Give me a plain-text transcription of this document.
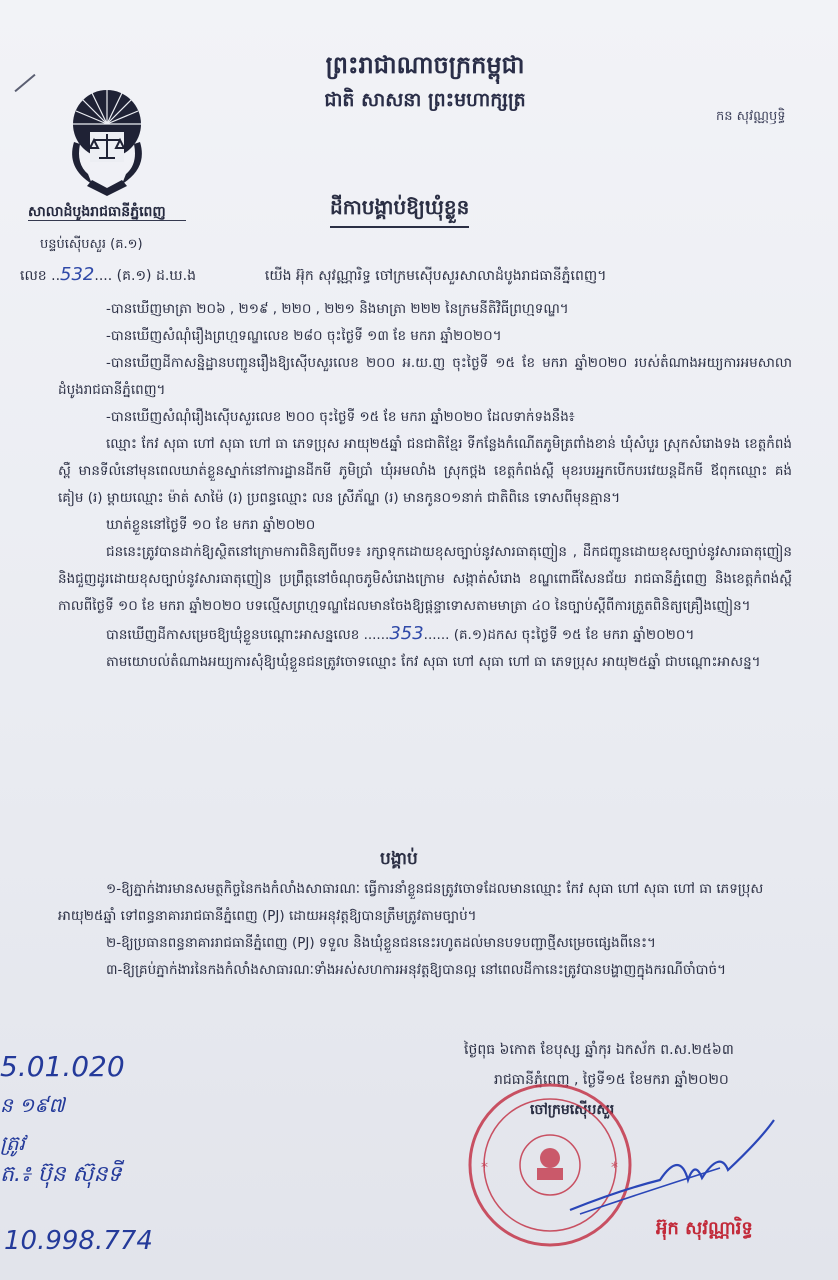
ព្រះរាជាណាចក្រកម្ពុជា
ជាតិ សាសនា ព្រះមហាក្សត្រ
កន សុវណ្ណឫទ្ធិ
សាលាដំបូងរាជធានីភ្នំពេញ
បន្ទប់ស៊ើបសួរ (គ.១)
ដីកាបង្គាប់ឱ្យឃុំខ្លួន
លេខ ..532.... (គ.១) ដ.ឃ.ង	យើង អ៊ុក សុវណ្ណារិទ្ធ ចៅក្រមស៊ើបសួរសាលាដំបូងរាជធានីភ្នំពេញ។

-បានឃើញមាត្រា ២០៦ , ២១៩ , ២២០ , ២២១ និងមាត្រា ២២២ នៃក្រមនីតិវិធីព្រហ្មទណ្ឌ។

-បានឃើញសំណុំរឿងព្រហ្មទណ្ឌលេខ ២៨០ ចុះថ្ងៃទី ១៣ ខែ មករា ឆ្នាំ២០២០។

-បានឃើញដីកាសន្និដ្ឋានបញ្ជូនរឿងឱ្យស៊ើបសួរលេខ ២០០ អ.យ.ញ ចុះថ្ងៃទី ១៥ ខែ មករា ឆ្នាំ២០២០ របស់តំណាងអយ្យការអមសាលាដំបូងរាជធានីភ្នំពេញ។

-បានឃើញសំណុំរឿងស៊ើបសួរលេខ ២០០ ចុះថ្ងៃទី ១៥ ខែ មករា ឆ្នាំ២០២០ ដែលទាក់ទងនឹង៖

ឈ្មោះ កែវ សុធា ហៅ សុធា ហៅ ធា ភេទប្រុស អាយុ២៥ឆ្នាំ ជនជាតិខ្មែរ ទីកន្លែងកំណើតភូមិត្រពាំងខាន់ ឃុំសំបួរ ស្រុកសំរោងទង ខេត្តកំពង់ស្ពឺ មានទីលំនៅមុនពេលឃាត់ខ្លួនស្នាក់នៅការដ្ឋានដីកមី ភូមិប្រាំ ឃុំអមលាំង ស្រុកថ្ពង ខេត្តកំពង់ស្ពឺ មុខរបរអ្នកបើកបរវេយន្តដីកមី ឪពុកឈ្មោះ គង់ គៀម (រ) ម្តាយឈ្មោះ ម៉ាត់ សាម៉ៃ (រ) ប្រពន្ធឈ្មោះ លន ស្រីភ័ណ្ឌ (រ) មានកូន០១នាក់ ជាតិពិនេ ទោសពីមុនគ្មាន។

ឃាត់ខ្លួននៅថ្ងៃទី ១០ ខែ មករា ឆ្នាំ២០២០

ជននេះត្រូវបានដាក់ឱ្យស្ថិតនៅក្រោមការពិនិត្យពីបទ៖ រក្សាទុកដោយខុសច្បាប់នូវសារធាតុញៀន , ដឹកជញ្ជូនដោយខុសច្បាប់នូវសារធាតុញៀន និងជួញដូរដោយខុសច្បាប់នូវសារធាតុញៀន ប្រព្រឹត្តនៅចំណុចភូមិសំរោងក្រោម សង្កាត់សំរោង ខណ្ឌពោធិ៍សែនជ័យ រាជធានីភ្នំពេញ និងខេត្តកំពង់ស្ពឺ កាលពីថ្ងៃទី ១០ ខែ មករា ឆ្នាំ២០២០ បទល្មើសព្រហ្មទណ្ឌដែលមានចែងឱ្យផ្តន្ទាទោសតាមមាត្រា ៤០ នៃច្បាប់ស្តីពីការត្រួតពិនិត្យគ្រឿងញៀន។

បានឃើញដីកាសម្រេចឱ្យឃុំខ្លួនបណ្តោះអាសន្នលេខ ......353...... (គ.១)ដកស ចុះថ្ងៃទី ១៥ ខែ មករា ឆ្នាំ២០២០។

តាមយោបល់តំណាងអយ្យការសុំឱ្យឃុំខ្លួនជនត្រូវចោទឈ្មោះ កែវ សុធា ហៅ សុធា ហៅ ធា ភេទប្រុស អាយុ២៥ឆ្នាំ ជាបណ្តោះអាសន្ន។

បង្គាប់

១-ឱ្យភ្នាក់ងារមានសមត្ថកិច្ចនៃកងកំលាំងសាធារណៈ ធ្វើការនាំខ្លួនជនត្រូវចោទដែលមានឈ្មោះ កែវ សុធា ហៅ សុធា ហៅ ធា ភេទប្រុស អាយុ២៥ឆ្នាំ ទៅពន្ធនាគាររាជធានីភ្នំពេញ (PJ) ដោយអនុវត្តឱ្យបានត្រឹមត្រូវតាមច្បាប់។

២-ឱ្យប្រធានពន្ធនាគាររាជធានីភ្នំពេញ (PJ) ទទួល និងឃុំខ្លួនជននេះរហូតដល់មានបទបញ្ជាថ្មីសម្រេចផ្សេងពីនេះ។

៣-ឱ្យគ្រប់ភ្នាក់ងារនៃកងកំលាំងសាធារណៈទាំងអស់សហការអនុវត្តឱ្យបានល្អ នៅពេលដីកានេះត្រូវបានបង្ហាញក្នុងករណីចាំបាច់។

ថ្ងៃពុធ ៦កោត ខែបុស្ស ឆ្នាំកុរ ឯកស័ក ព.ស.២៥៦៣
រាជធានីភ្នំពេញ , ថ្ងៃទី១៥ ខែមករា ឆ្នាំ២០២០
ចៅក្រមស៊ើបសួរ
*	*
អ៊ុក សុវណ្ណារិទ្ធ
5.01.020
ន ១៩៧
ត្រូវ
ត.៖ ប៊ុន ស៊ុនទី
10.998.774
